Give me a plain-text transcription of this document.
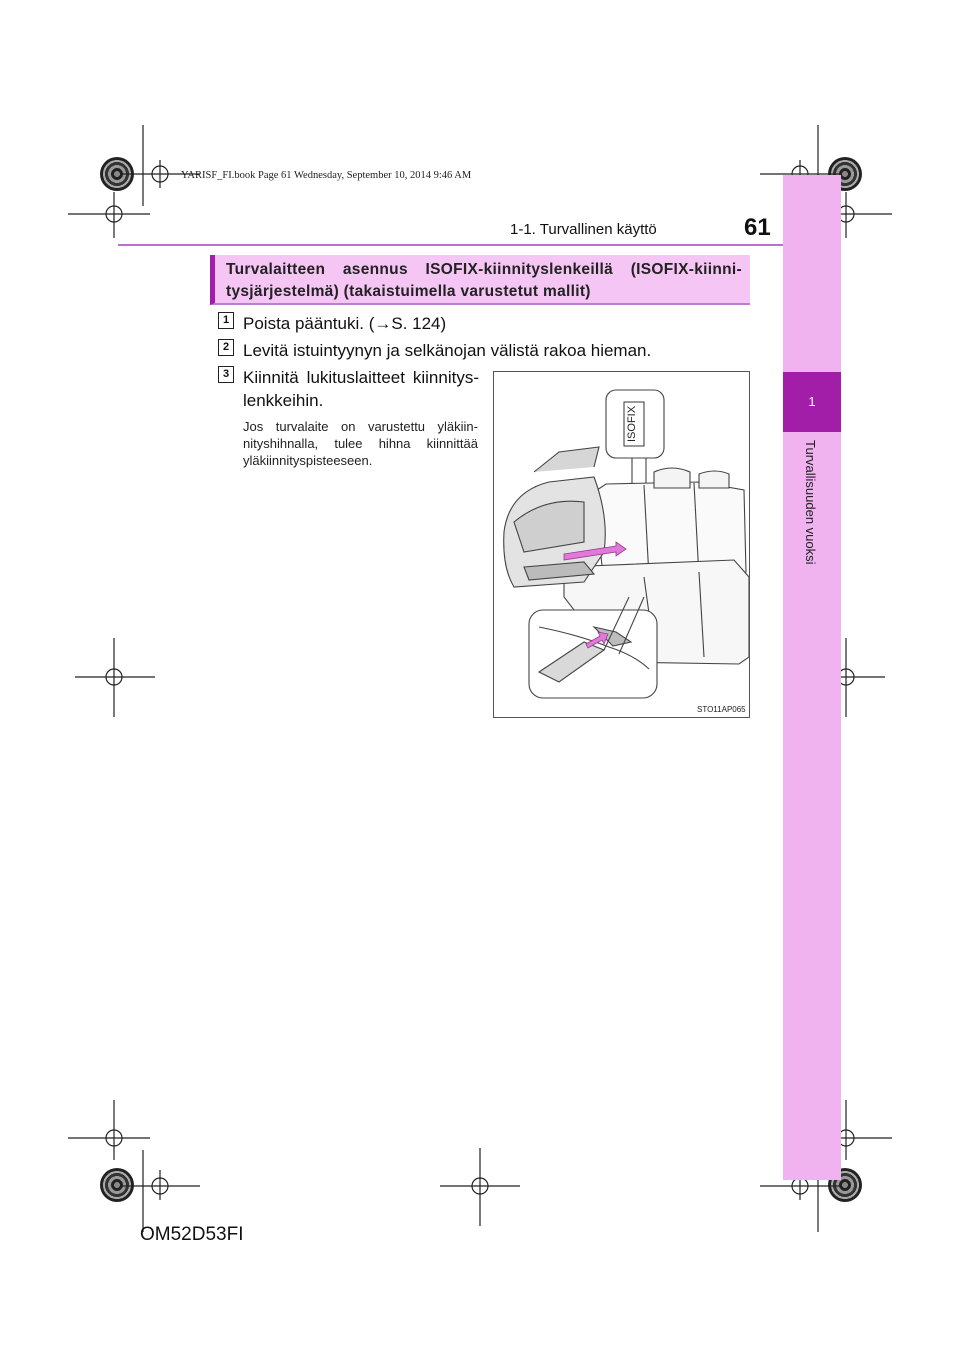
YARISF_FI.book Page 61 Wednesday, September 10, 2014 9:46 AM
1
Turvallisuuden vuoksi
1-1. Turvallinen käyttö	61
Turvalaitteen asennus ISOFIX-kiinnityslenkeillä (ISOFIX-kiinni- tysjärjestelmä) (takaistuimella varustetut mallit)
1 Poista pääntuki. (→S. 124)
2 Levitä istuintyynyn ja selkänojan välistä rakoa hieman.
3 Kiinnitä lukituslaitteet kiinnitys- lenkkeihin.
Jos turvalaite on varustettu yläkiin- nityshihnalla, tulee hihna kiinnittää yläkiinnityspisteeseen.
ISOFIX
STO11AP065
OM52D53FI
